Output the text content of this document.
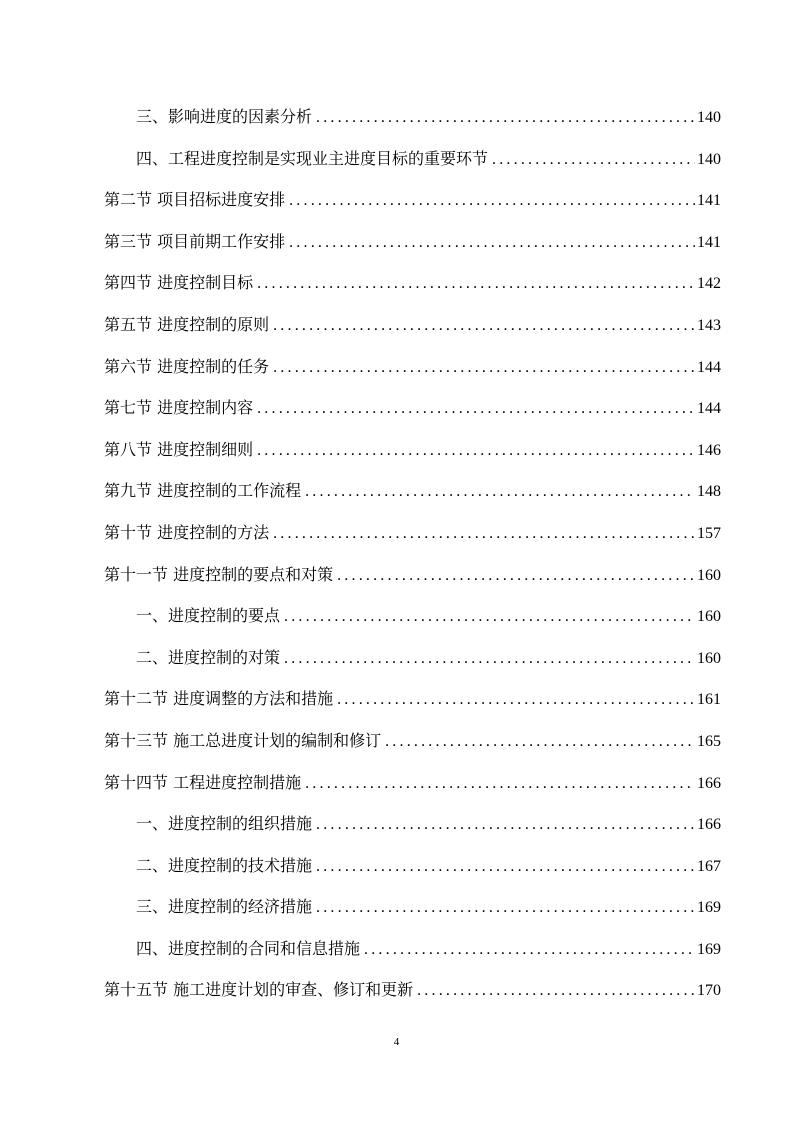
三、影响进度的因素分析 .....	140
四、工程进度控制是实现业主进度目标的重要环节 .....	140
第二节 项目招标进度安排 .....	141
第三节 项目前期工作安排 .....	141
第四节 进度控制目标 .....	142
第五节 进度控制的原则 .....	143
第六节 进度控制的任务 .....	144
第七节 进度控制内容 .....	144
第八节 进度控制细则 .....	146
第九节 进度控制的工作流程 .....	148
第十节 进度控制的方法 .....	157
第十一节 进度控制的要点和对策 .....	160
一、进度控制的要点 .....	160
二、进度控制的对策 .....	160
第十二节 进度调整的方法和措施 .....	161
第十三节 施工总进度计划的编制和修订 .....	165
第十四节 工程进度控制措施 .....	166
一、进度控制的组织措施 .....	166
二、进度控制的技术措施 .....	167
三、进度控制的经济措施 .....	169
四、进度控制的合同和信息措施 .....	169
第十五节 施工进度计划的审查、修订和更新 .....	170
4
